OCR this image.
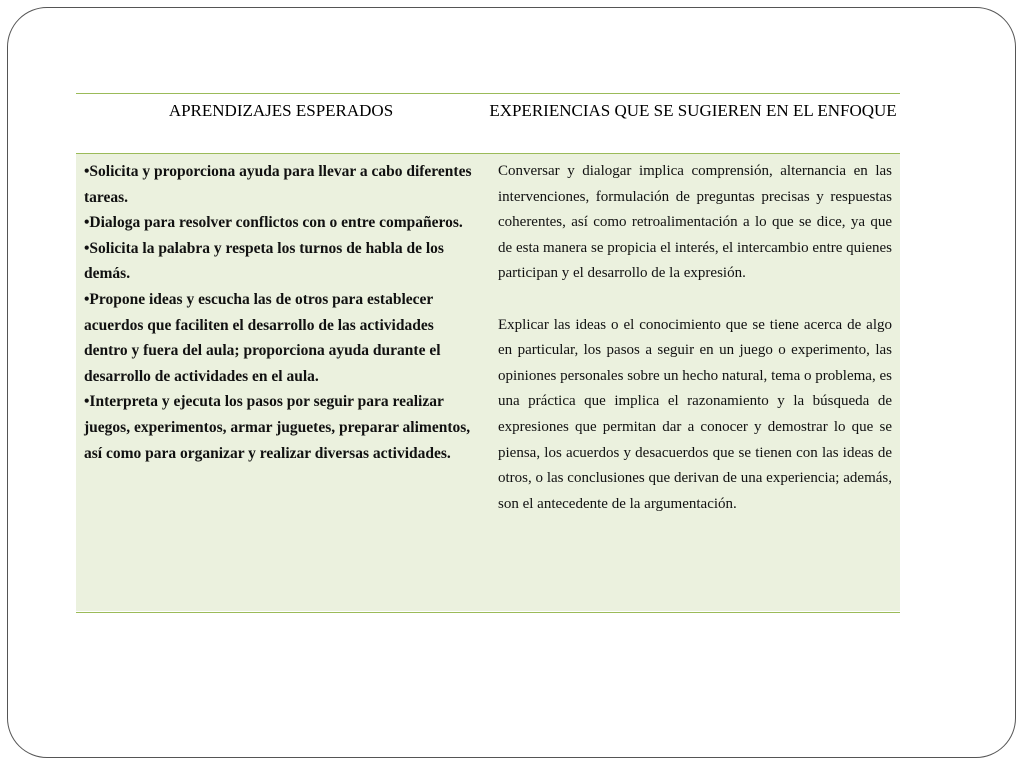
APRENDIZAJES ESPERADOS	EXPERIENCIAS QUE SE SUGIEREN EN EL ENFOQUE
•Solicita y proporciona ayuda para llevar a cabo diferentes tareas.
•Dialoga para resolver conflictos con o entre compañeros.
•Solicita la palabra y respeta los turnos de habla de los demás.
•Propone ideas y escucha las de otros para establecer acuerdos que faciliten el desarrollo de las actividades dentro y fuera del aula; proporciona ayuda durante el desarrollo de actividades en el aula.
•Interpreta y ejecuta los pasos por seguir para realizar juegos, experimentos, armar juguetes, preparar alimentos, así como para organizar y realizar diversas actividades.

Conversar y dialogar implica comprensión, alternancia en las intervenciones, formulación de preguntas precisas y respuestas coherentes, así como retroalimentación a lo que se dice, ya que de esta manera se propicia el interés, el intercambio entre quienes participan y el desarrollo de la expresión.

Explicar las ideas o el conocimiento que se tiene acerca de algo en particular, los pasos a seguir en un juego o experimento, las opiniones personales sobre un hecho natural, tema o problema, es una práctica que implica el razonamiento y la búsqueda de expresiones que permitan dar a conocer y demostrar lo que se piensa, los acuerdos y desacuerdos que se tienen con las ideas de otros, o las conclusiones que derivan de una experiencia; además, son el antecedente de la argumentación.
